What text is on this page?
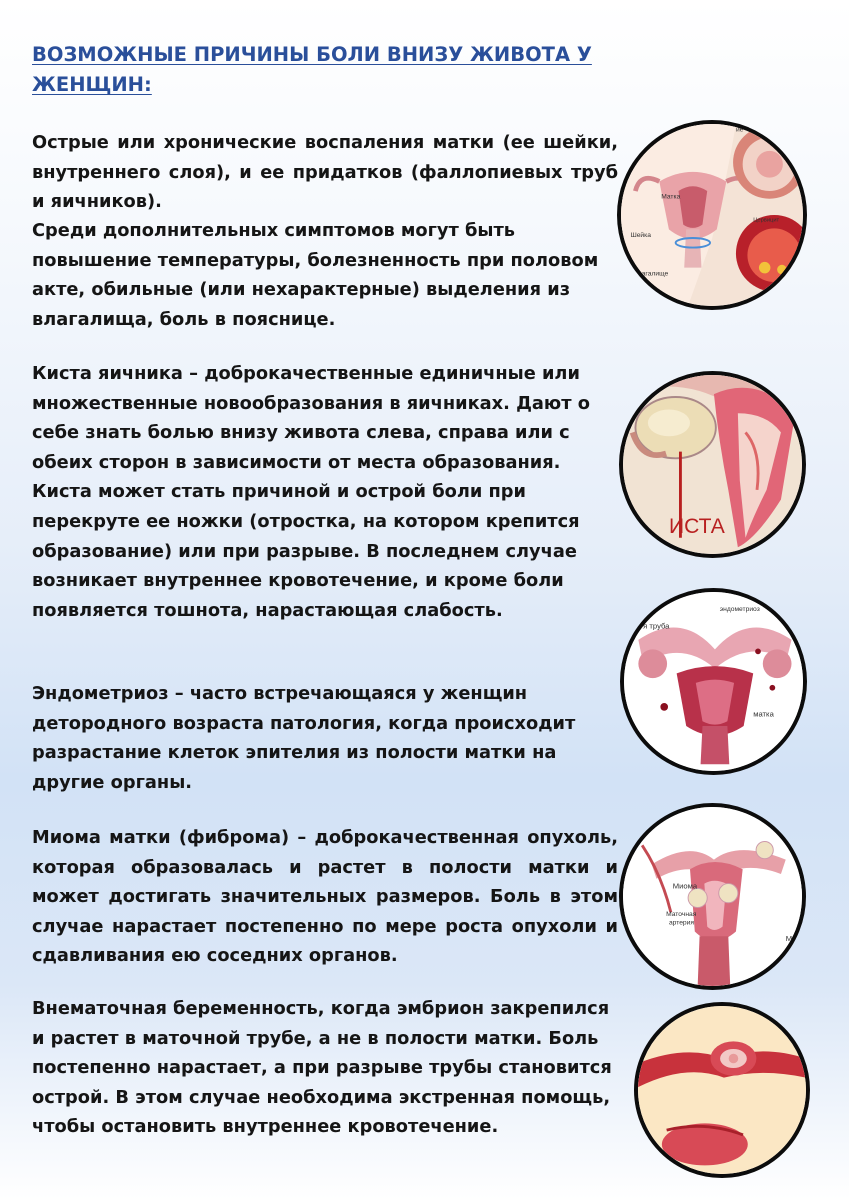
ВОЗМОЖНЫЕ ПРИЧИНЫ БОЛИ ВНИЗУ ЖИВОТА У ЖЕНЩИН:

Острые или хронические воспаления матки (ее шейки, внутреннего слоя), и ее придатков (фаллопиевых труб и яичников).

Среди дополнительных симптомов могут быть повышение температуры, болезненность при половом акте, обильные (или нехарактерные) выделения из влагалища, боль в пояснице.

Киста яичника – доброкачественные единичные или множественные новообразования в яичниках. Дают о себе знать болью внизу живота слева, справа или с обеих сторон в зависимости от места образования.

Киста может стать причиной и острой боли при перекруте ее ножки (отростка, на котором крепится образование) или при разрыве. В последнем случае возникает внутреннее кровотечение, и кроме боли появляется тошнота, нарастающая слабость.

Эндометриоз – часто встречающаяся у женщин детородного возраста патология, когда происходит разрастание клеток эпителия из полости матки на другие органы.

Миома матки (фиброма) – доброкачественная опухоль, которая образовалась и растет в полости матки и может достигать значительных размеров. Боль в этом случае нарастает постепенно по мере роста опухоли и сдавливания ею соседних органов.

Внематочная беременность, когда эмбрион закрепился и растет в маточной трубе, а не в полости матки. Боль постепенно нарастает, а при разрыве трубы становится острой. В этом случае необходима экстренная помощь, чтобы остановить внутреннее кровотечение.

Матка
Шейка
влагалище
Цервицит
ие
ИСТА
я труба
эндометриоз
матка
трий
Миома
Маточная
артерия
М
Ми
